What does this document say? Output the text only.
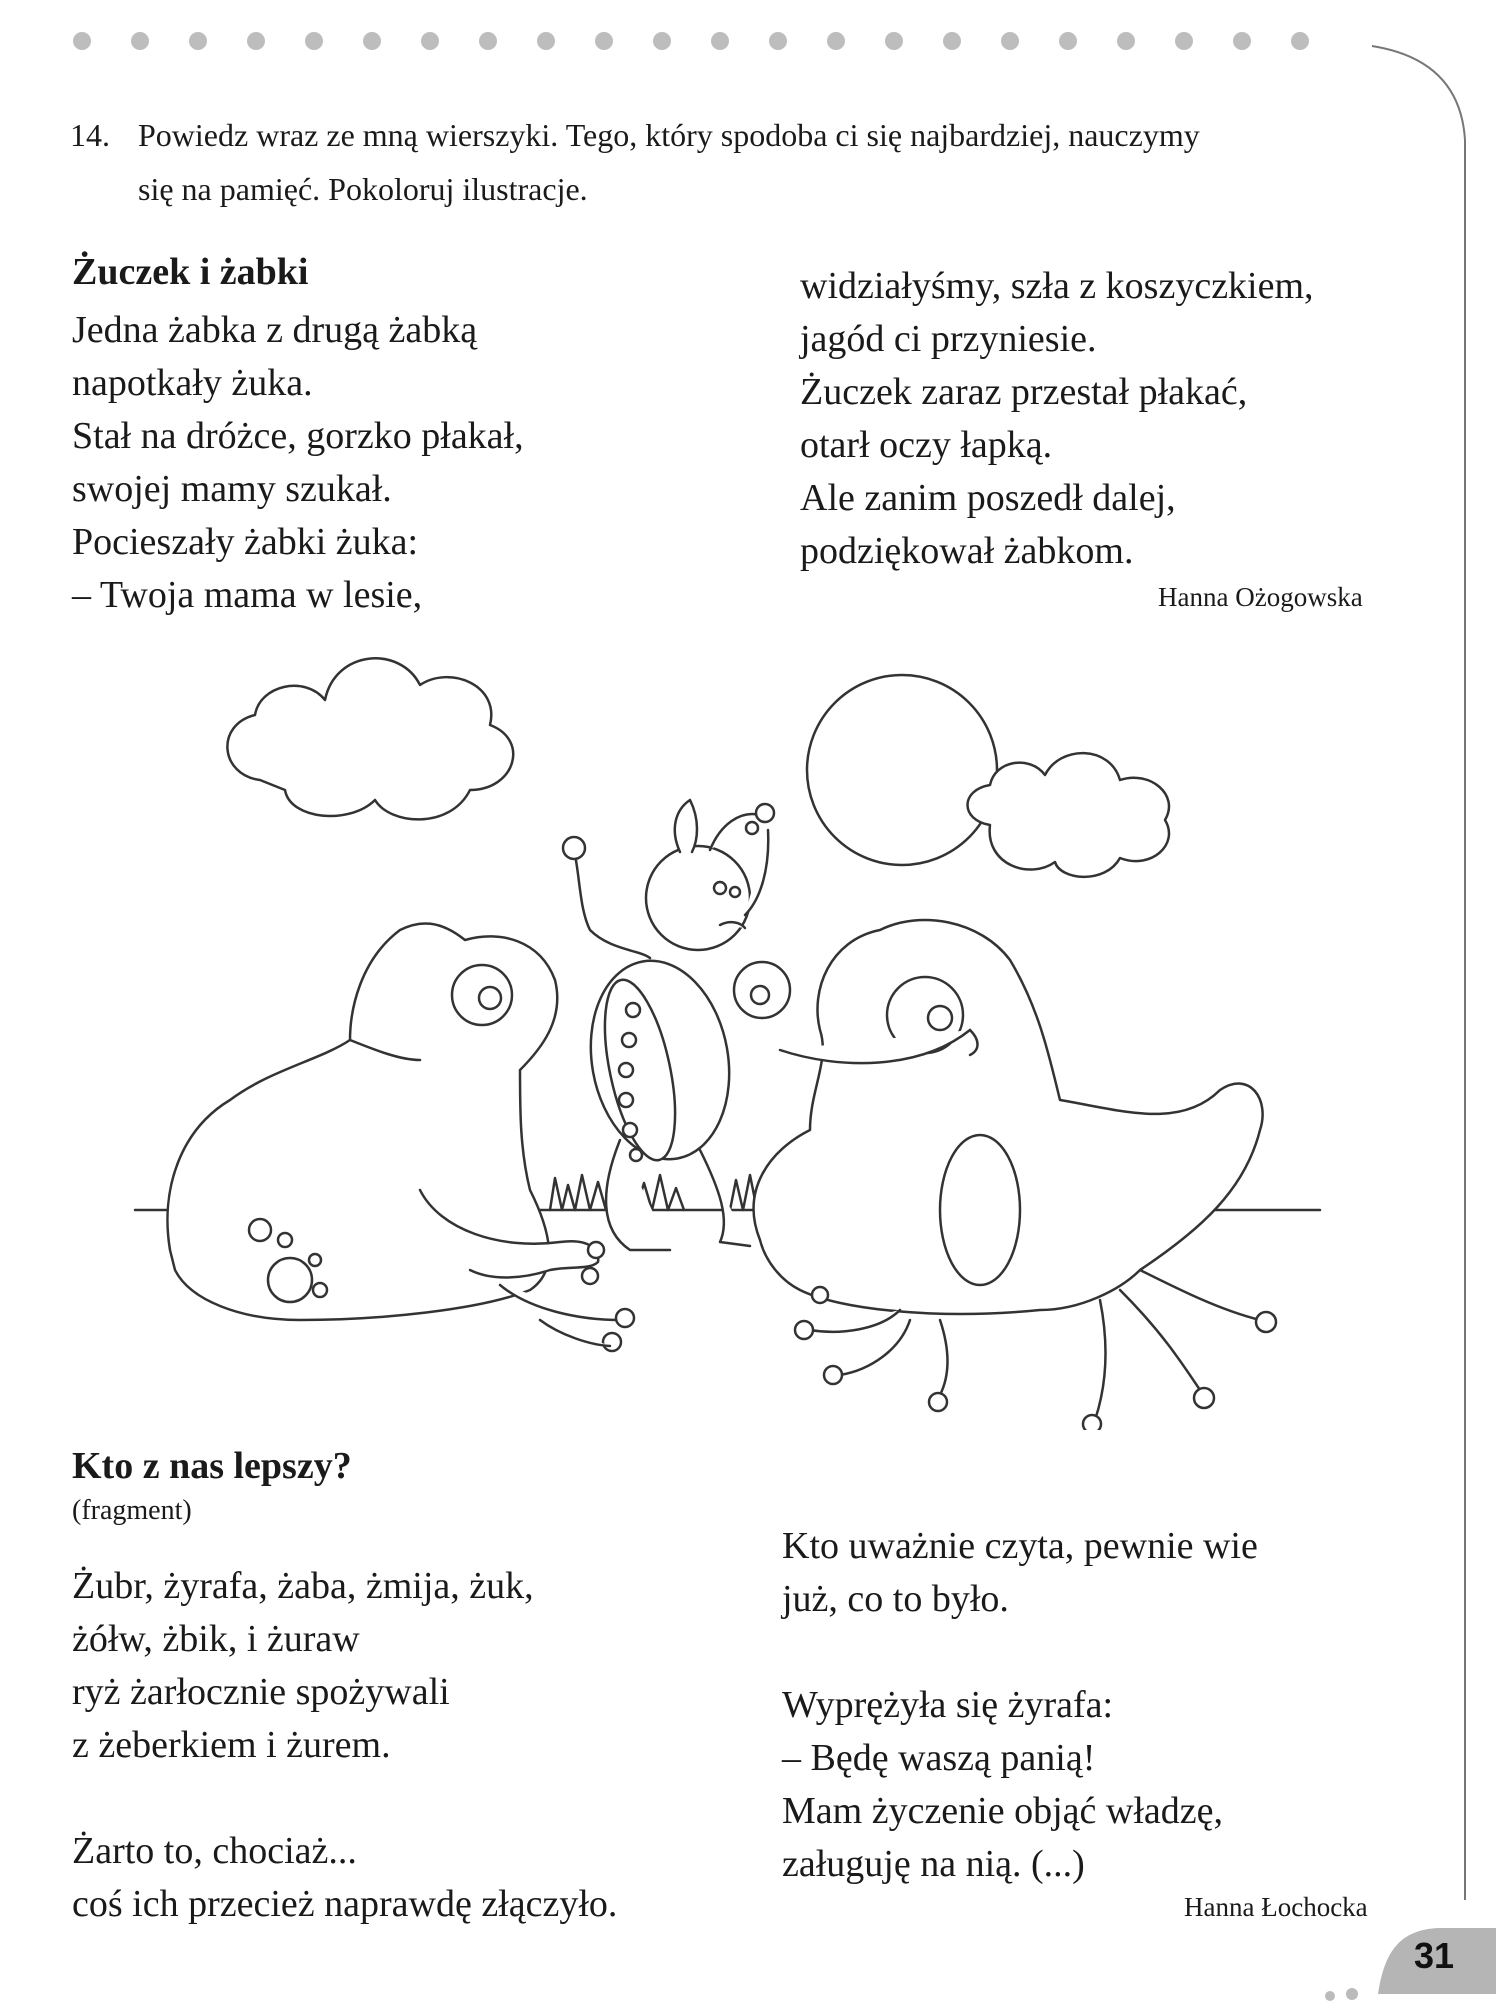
14. Powiedz wraz ze mną wierszyki. Tego, który spodoba ci się najbardziej, nauczymy
się na pamięć. Pokoloruj ilustracje.
Żuczek i żabki
Jedna żabka z drugą żabką
napotkały żuka.
Stał na dróżce, gorzko płakał,
swojej mamy szukał.
Pocieszały żabki żuka:
– Twoja mama w lesie,
widziałyśmy, szła z koszyczkiem,
jagód ci przyniesie.
Żuczek zaraz przestał płakać,
otarł oczy łapką.
Ale zanim poszedł dalej,
podziękował żabkom.
Hanna Ożogowska
Kto z nas lepszy?
(fragment)
Żubr, żyrafa, żaba, żmija, żuk,
żółw, żbik, i żuraw
ryż żarłocznie spożywali
z żeberkiem i żurem.
Żarto to, chociaż...
coś ich przecież naprawdę złączyło.
Kto uważnie czyta, pewnie wie
już, co to było.
Wyprężyła się żyrafa:
– Będę waszą panią!
Mam życzenie objąć władzę,
załuguję na nią. (...)
Hanna Łochocka
31
